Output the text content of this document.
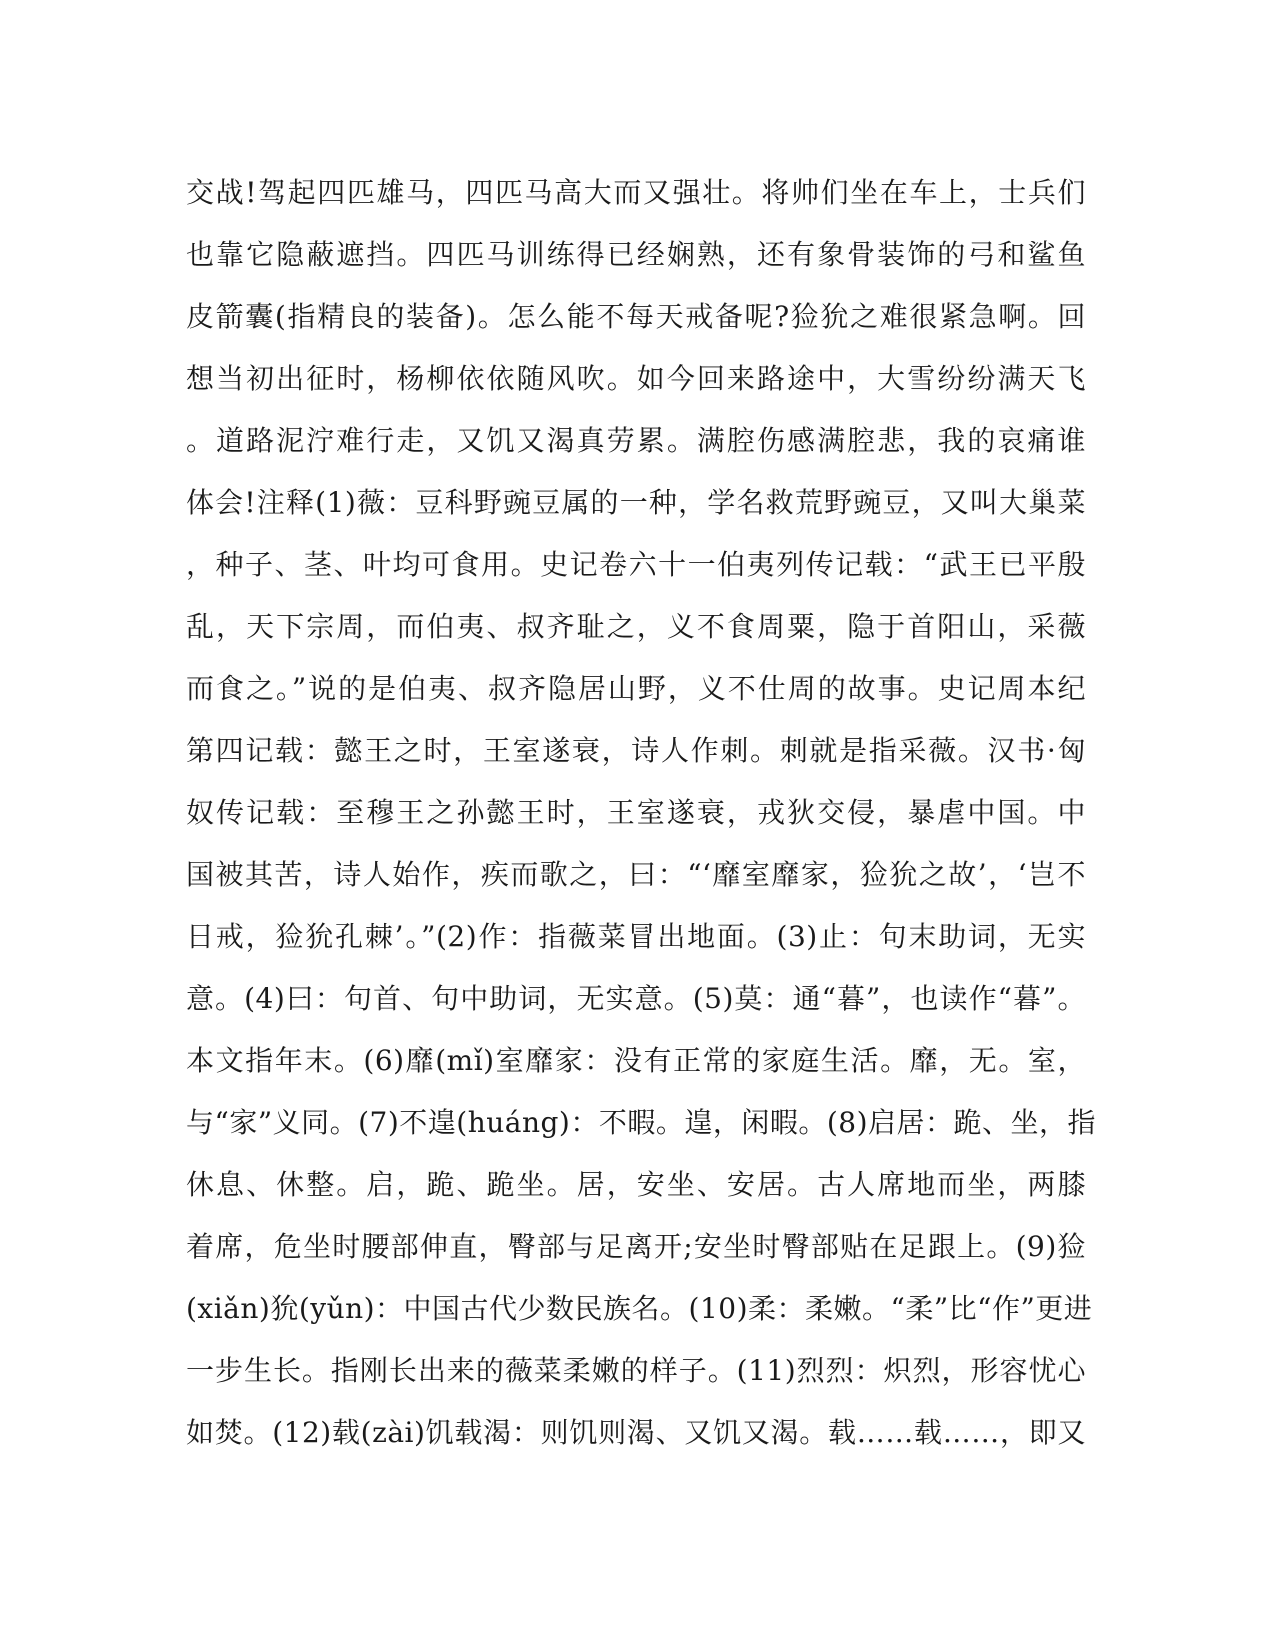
交战!驾起四匹雄马，四匹马高大而又强壮。将帅们坐在车上，士兵们
也靠它隐蔽遮挡。四匹马训练得已经娴熟，还有象骨装饰的弓和鲨鱼
皮箭囊(指精良的装备)。怎么能不每天戒备呢?猃狁之难很紧急啊。回
想当初出征时，杨柳依依随风吹。如今回来路途中，大雪纷纷满天飞
。道路泥泞难行走，又饥又渴真劳累。满腔伤感满腔悲，我的哀痛谁
体会!注释(1)薇：豆科野豌豆属的一种，学名救荒野豌豆，又叫大巢菜
，种子、茎、叶均可食用。史记卷六十一伯夷列传记载：“武王已平殷
乱，天下宗周，而伯夷、叔齐耻之，义不食周粟，隐于首阳山，采薇
而食之。”说的是伯夷、叔齐隐居山野，义不仕周的故事。史记周本纪
第四记载：懿王之时，王室遂衰，诗人作刺。刺就是指采薇。汉书·匈
奴传记载：至穆王之孙懿王时，王室遂衰，戎狄交侵，暴虐中国。中
国被其苦，诗人始作，疾而歌之，曰：“‘靡室靡家，猃狁之故’，‘岂不
日戒，猃狁孔棘’。”(2)作：指薇菜冒出地面。(3)止：句末助词，无实
意。(4)曰：句首、句中助词，无实意。(5)莫：通“暮”，也读作“暮”。
本文指年末。(6)靡(mǐ)室靡家：没有正常的家庭生活。靡，无。室，
与“家”义同。(7)不遑(huáng)：不暇。遑，闲暇。(8)启居：跪、坐，指
休息、休整。启，跪、跪坐。居，安坐、安居。古人席地而坐，两膝
着席，危坐时腰部伸直，臀部与足离开;安坐时臀部贴在足跟上。(9)猃
(xiǎn)狁(yǔn)：中国古代少数民族名。(10)柔：柔嫩。“柔”比“作”更进
一步生长。指刚长出来的薇菜柔嫩的样子。(11)烈烈：炽烈，形容忧心
如焚。(12)载(zài)饥载渴：则饥则渴、又饥又渴。载……载……，即又
